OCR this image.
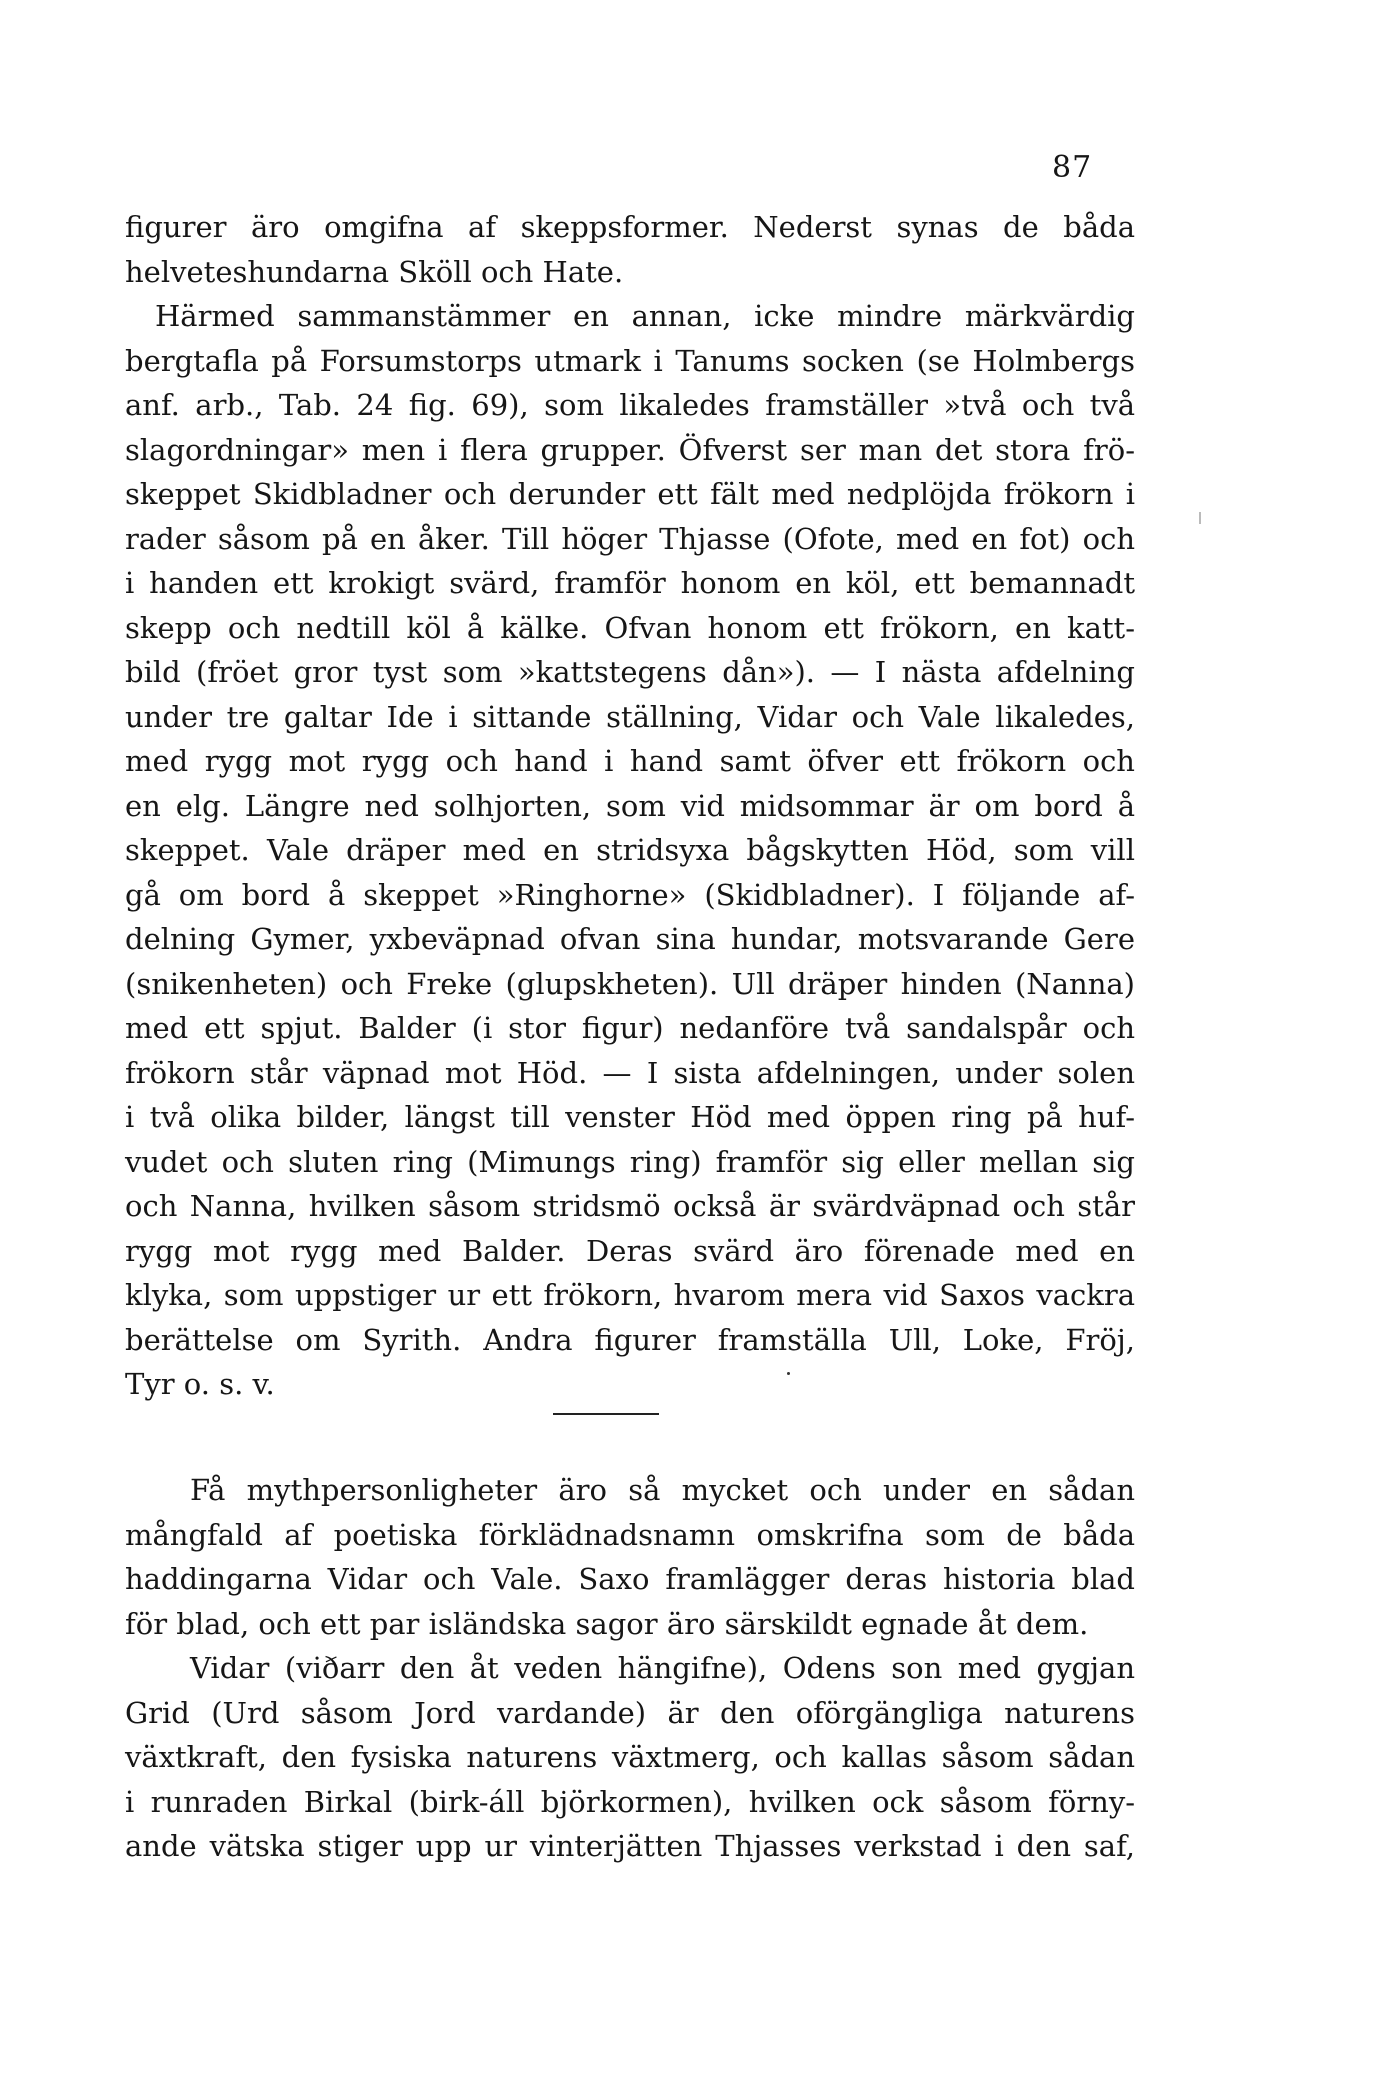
87
figurer äro omgifna af skeppsformer. Nederst synas de båda
helveteshundarna Sköll och Hate.
Härmed sammanstämmer en annan, icke mindre märkvärdig
bergtafla på Forsumstorps utmark i Tanums socken (se Holmbergs
anf. arb., Tab. 24 fig. 69), som likaledes framställer »två och två
slagordningar» men i flera grupper. Öfverst ser man det stora frö-
skeppet Skidbladner och derunder ett fält med nedplöjda frökorn i
rader såsom på en åker. Till höger Thjasse (Ofote, med en fot) och
i handen ett krokigt svärd, framför honom en köl, ett bemannadt
skepp och nedtill köl å kälke. Ofvan honom ett frökorn, en katt-
bild (fröet gror tyst som »kattstegens dån»). — I nästa afdelning
under tre galtar Ide i sittande ställning, Vidar och Vale likaledes,
med rygg mot rygg och hand i hand samt öfver ett frökorn och
en elg. Längre ned solhjorten, som vid midsommar är om bord å
skeppet. Vale dräper med en stridsyxa bågskytten Höd, som vill
gå om bord å skeppet »Ringhorne» (Skidbladner). I följande af-
delning Gymer, yxbeväpnad ofvan sina hundar, motsvarande Gere
(snikenheten) och Freke (glupskheten). Ull dräper hinden (Nanna)
med ett spjut. Balder (i stor figur) nedanföre två sandalspår och
frökorn står väpnad mot Höd. — I sista afdelningen, under solen
i två olika bilder, längst till venster Höd med öppen ring på huf-
vudet och sluten ring (Mimungs ring) framför sig eller mellan sig
och Nanna, hvilken såsom stridsmö också är svärdväpnad och står
rygg mot rygg med Balder. Deras svärd äro förenade med en
klyka, som uppstiger ur ett frökorn, hvarom mera vid Saxos vackra
berättelse om Syrith. Andra figurer framställa Ull, Loke, Fröj,
Tyr o. s. v.
Få mythpersonligheter äro så mycket och under en sådan
mångfald af poetiska förklädnadsnamn omskrifna som de båda
haddingarna Vidar och Vale. Saxo framlägger deras historia blad
för blad, och ett par isländska sagor äro särskildt egnade åt dem.
Vidar (viðarr den åt veden hängifne), Odens son med gygjan
Grid (Urd såsom Jord vardande) är den oförgängliga naturens
växtkraft, den fysiska naturens växtmerg, och kallas såsom sådan
i runraden Birkal (birk-áll björkormen), hvilken ock såsom förny-
ande vätska stiger upp ur vinterjätten Thjasses verkstad i den saf,
